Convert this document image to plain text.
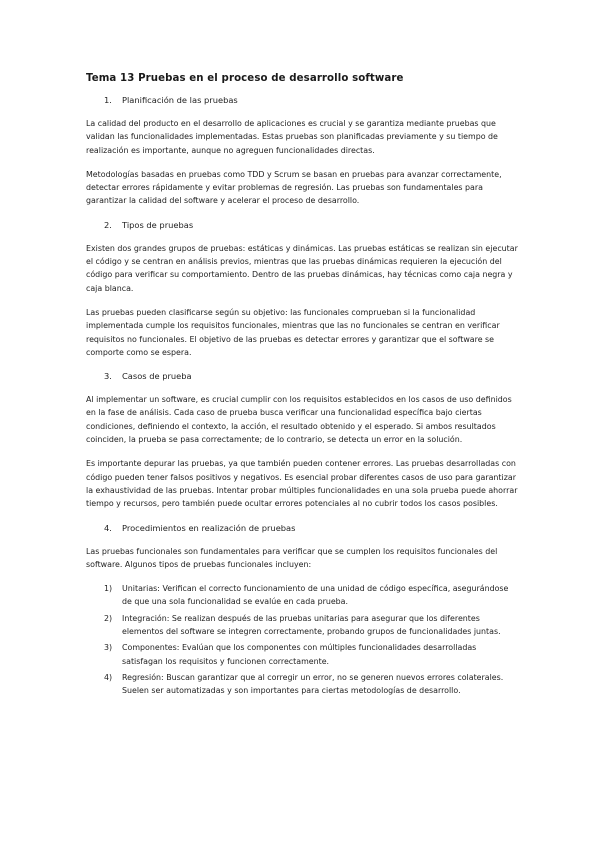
Tema 13 Pruebas en el proceso de desarrollo software
1.	Planificación de las pruebas

La calidad del producto en el desarrollo de aplicaciones es crucial y se garantiza mediante pruebas que validan las funcionalidades implementadas. Estas pruebas son planificadas previamente y su tiempo de realización es importante, aunque no agreguen funcionalidades directas.

Metodologías basadas en pruebas como TDD y Scrum se basan en pruebas para avanzar correctamente, detectar errores rápidamente y evitar problemas de regresión. Las pruebas son fundamentales para garantizar la calidad del software y acelerar el proceso de desarrollo.

2.	Tipos de pruebas

Existen dos grandes grupos de pruebas: estáticas y dinámicas. Las pruebas estáticas se realizan sin ejecutar el código y se centran en análisis previos, mientras que las pruebas dinámicas requieren la ejecución del código para verificar su comportamiento. Dentro de las pruebas dinámicas, hay técnicas como caja negra y caja blanca.

Las pruebas pueden clasificarse según su objetivo: las funcionales comprueban si la funcionalidad implementada cumple los requisitos funcionales, mientras que las no funcionales se centran en verificar requisitos no funcionales. El objetivo de las pruebas es detectar errores y garantizar que el software se comporte como se espera.

3.	Casos de prueba

Al implementar un software, es crucial cumplir con los requisitos establecidos en los casos de uso definidos en la fase de análisis. Cada caso de prueba busca verificar una funcionalidad específica bajo ciertas condiciones, definiendo el contexto, la acción, el resultado obtenido y el esperado. Si ambos resultados coinciden, la prueba se pasa correctamente; de lo contrario, se detecta un error en la solución.

Es importante depurar las pruebas, ya que también pueden contener errores. Las pruebas desarrolladas con código pueden tener falsos positivos y negativos. Es esencial probar diferentes casos de uso para garantizar la exhaustividad de las pruebas. Intentar probar múltiples funcionalidades en una sola prueba puede ahorrar tiempo y recursos, pero también puede ocultar errores potenciales al no cubrir todos los casos posibles.

4.	Procedimientos en realización de pruebas

Las pruebas funcionales son fundamentales para verificar que se cumplen los requisitos funcionales del software. Algunos tipos de pruebas funcionales incluyen:

1)	Unitarias: Verifican el correcto funcionamiento de una unidad de código específica, asegurándose de que una sola funcionalidad se evalúe en cada prueba.
2)	Integración: Se realizan después de las pruebas unitarias para asegurar que los diferentes elementos del software se integren correctamente, probando grupos de funcionalidades juntas.
3)	Componentes: Evalúan que los componentes con múltiples funcionalidades desarrolladas satisfagan los requisitos y funcionen correctamente.
4)	Regresión: Buscan garantizar que al corregir un error, no se generen nuevos errores colaterales. Suelen ser automatizadas y son importantes para ciertas metodologías de desarrollo.
